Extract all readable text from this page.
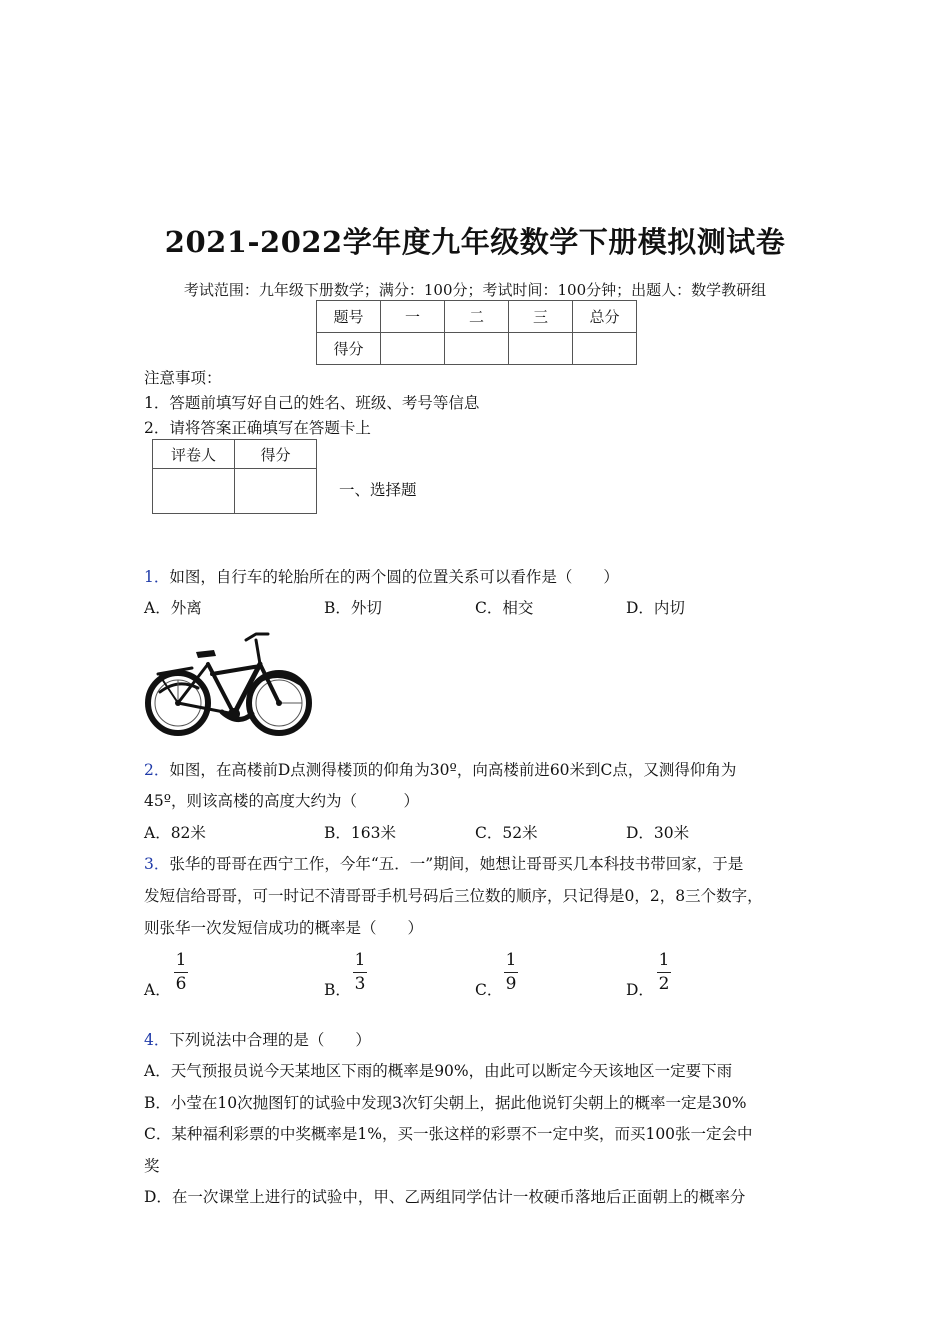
2021-2022学年度九年级数学下册模拟测试卷
考试范围：九年级下册数学；满分：100分；考试时间：100分钟；出题人：数学教研组
题号	一	二	三	总分
得分				
注意事项：
1．答题前填写好自己的姓名、班级、考号等信息
2．请将答案正确填写在答题卡上
评卷人	得分

一、选择题
1．如图，自行车的轮胎所在的两个圆的位置关系可以看作是（　　）
A．外离	B．外切	C．相交	D．内切
2．如图，在高楼前D点测得楼顶的仰角为30º，向高楼前进60米到C点，又测得仰角为
45º，则该高楼的高度大约为（　　　）
A．82米	B．163米	C．52米	D．30米
3．张华的哥哥在西宁工作，今年“五．一”期间，她想让哥哥买几本科技书带回家，于是
发短信给哥哥，可一时记不清哥哥手机号码后三位数的顺序，只记得是0，2，8三个数字，
则张华一次发短信成功的概率是（　　）
A．
1
6	B．
1
3	C．
1
9	D．
1
2
4．下列说法中合理的是（　　）
A．天气预报员说今天某地区下雨的概率是90%，由此可以断定今天该地区一定要下雨
B．小莹在10次抛图钉的试验中发现3次钉尖朝上，据此他说钉尖朝上的概率一定是30%
C．某种福利彩票的中奖概率是1%，买一张这样的彩票不一定中奖，而买100张一定会中
奖
D．在一次课堂上进行的试验中，甲、乙两组同学估计一枚硬币落地后正面朝上的概率分
